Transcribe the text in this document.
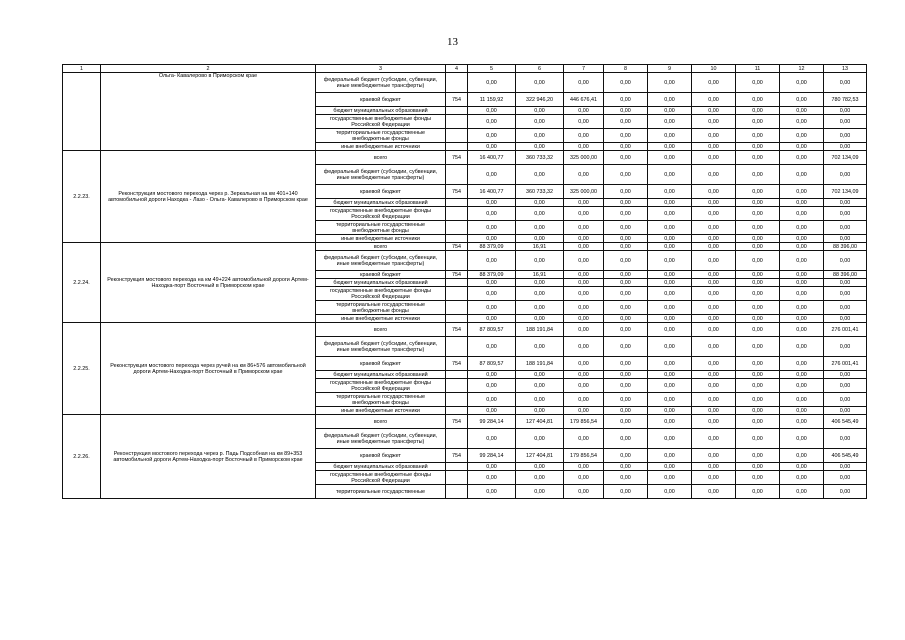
13
1	2	3	4	5	6	7	8	9	10	11	12	13
	Ольга- Кавалерово в Приморском крае	федеральный бюджет (субсидии, субвенции, иные межбюджетные трансферты)		0,00	0,00	0,00	0,00	0,00	0,00	0,00	0,00	0,00
		краевой бюджет	754	11 159,92	322 946,20	446 676,41	0,00	0,00	0,00	0,00	0,00	780 782,53
		бюджет муниципальных образований		0,00	0,00	0,00	0,00	0,00	0,00	0,00	0,00	0,00
		государственные внебюджетные фонды Российской Федерации		0,00	0,00	0,00	0,00	0,00	0,00	0,00	0,00	0,00
		территориальные государственные внебюджетные фонды		0,00	0,00	0,00	0,00	0,00	0,00	0,00	0,00	0,00
		иные внебюджетные источники		0,00	0,00	0,00	0,00	0,00	0,00	0,00	0,00	0,00
2.2.23.	Реконструкция мостового перехода через р. Зеркальная на км 401+140 автомобильной дороги Находка - Лазо - Ольга- Кавалерово в Приморском крае	всего	754	16 400,77	360 733,32	325 000,00	0,00	0,00	0,00	0,00	0,00	702 134,09
		федеральный бюджет (субсидии, субвенции, иные межбюджетные трансферты)		0,00	0,00	0,00	0,00	0,00	0,00	0,00	0,00	0,00
		краевой бюджет	754	16 400,77	360 733,32	325 000,00	0,00	0,00	0,00	0,00	0,00	702 134,09
		бюджет муниципальных образований		0,00	0,00	0,00	0,00	0,00	0,00	0,00	0,00	0,00
		государственные внебюджетные фонды Российской Федерации		0,00	0,00	0,00	0,00	0,00	0,00	0,00	0,00	0,00
		территориальные государственные внебюджетные фонды		0,00	0,00	0,00	0,00	0,00	0,00	0,00	0,00	0,00
		иные внебюджетные источники		0,00	0,00	0,00	0,00	0,00	0,00	0,00	0,00	0,00
2.2.24.	Реконструкция мостового перехода на км 49+224 автомобильной дороги Артем-Находка-порт Восточный в Приморском крае	всего	754	88 379,09	16,91	0,00	0,00	0,00	0,00	0,00	0,00	88 396,00
		федеральный бюджет (субсидии, субвенции, иные межбюджетные трансферты)		0,00	0,00	0,00	0,00	0,00	0,00	0,00	0,00	0,00
		краевой бюджет	754	88 379,09	16,91	0,00	0,00	0,00	0,00	0,00	0,00	88 396,00
		бюджет муниципальных образований		0,00	0,00	0,00	0,00	0,00	0,00	0,00	0,00	0,00
		государственные внебюджетные фонды Российской Федерации		0,00	0,00	0,00	0,00	0,00	0,00	0,00	0,00	0,00
		территориальные государственные внебюджетные фонды		0,00	0,00	0,00	0,00	0,00	0,00	0,00	0,00	0,00
		иные внебюджетные источники		0,00	0,00	0,00	0,00	0,00	0,00	0,00	0,00	0,00
2.2.25.	Реконструкция мостового перехода через ручей на км 86+576 автомобильной дороги Артем-Находка-порт Восточный в Приморском крае	всего	754	87 809,57	188 191,84	0,00	0,00	0,00	0,00	0,00	0,00	276 001,41
		федеральный бюджет (субсидии, субвенции, иные межбюджетные трансферты)		0,00	0,00	0,00	0,00	0,00	0,00	0,00	0,00	0,00
		краевой бюджет	754	87 809,57	188 191,84	0,00	0,00	0,00	0,00	0,00	0,00	276 001,41
		бюджет муниципальных образований		0,00	0,00	0,00	0,00	0,00	0,00	0,00	0,00	0,00
		государственные внебюджетные фонды Российской Федерации		0,00	0,00	0,00	0,00	0,00	0,00	0,00	0,00	0,00
		территориальные государственные внебюджетные фонды		0,00	0,00	0,00	0,00	0,00	0,00	0,00	0,00	0,00
		иные внебюджетные источники		0,00	0,00	0,00	0,00	0,00	0,00	0,00	0,00	0,00
2.2.26.	Реконструкция мостового перехода через р. Падь Подсобная на км 89+353 автомобильной дороги Артем-Находка-порт Восточный в Приморском крае	всего	754	99 284,14	127 404,81	179 856,54	0,00	0,00	0,00	0,00	0,00	406 545,49
		федеральный бюджет (субсидии, субвенции, иные межбюджетные трансферты)		0,00	0,00	0,00	0,00	0,00	0,00	0,00	0,00	0,00
		краевой бюджет	754	99 284,14	127 404,81	179 856,54	0,00	0,00	0,00	0,00	0,00	406 545,49
		бюджет муниципальных образований		0,00	0,00	0,00	0,00	0,00	0,00	0,00	0,00	0,00
		государственные внебюджетные фонды Российской Федерации		0,00	0,00	0,00	0,00	0,00	0,00	0,00	0,00	0,00
		территориальные государственные		0,00	0,00	0,00	0,00	0,00	0,00	0,00	0,00	0,00
